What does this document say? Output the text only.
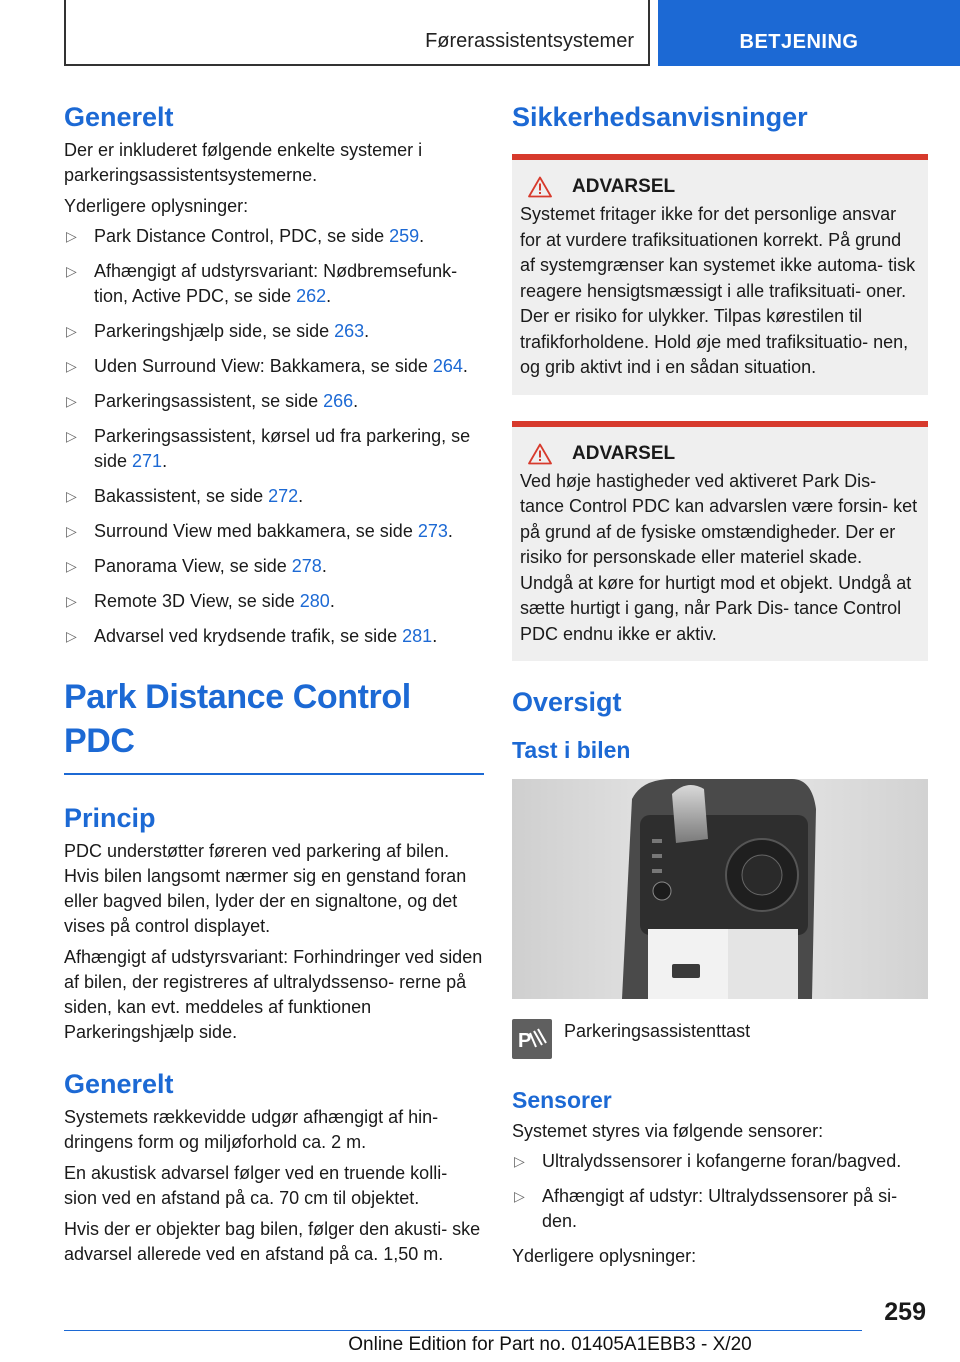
Førerassistentsystemer	BETJENING
Generelt

Der er inkluderet følgende enkelte systemer i parkeringsassistentsystemerne.

Yderligere oplysninger:

▷ Park Distance Control, PDC, se side 259.
▷ Afhængigt af udstyrsvariant: Nødbremsefunk- tion, Active PDC, se side 262.
▷ Parkeringshjælp side, se side 263.
▷ Uden Surround View: Bakkamera, se side 264.
▷ Parkeringsassistent, se side 266.
▷ Parkeringsassistent, kørsel ud fra parkering, se side 271.
▷ Bakassistent, se side 272.
▷ Surround View med bakkamera, se side 273.
▷ Panorama View, se side 278.
▷ Remote 3D View, se side 280.
▷ Advarsel ved krydsende trafik, se side 281.
Park Distance Control PDC
Princip

PDC understøtter føreren ved parkering af bilen. Hvis bilen langsomt nærmer sig en genstand foran eller bagved bilen, lyder der en signaltone, og det vises på control displayet.

Afhængigt af udstyrsvariant: Forhindringer ved siden af bilen, der registreres af ultralydssenso- rerne på siden, kan evt. meddeles af funktionen Parkeringshjælp side.

Generelt

Systemets rækkevidde udgør afhængigt af hin- dringens form og miljøforhold ca. 2 m.

En akustisk advarsel følger ved en truende kolli- sion ved en afstand på ca. 70 cm til objektet.

Hvis der er objekter bag bilen, følger den akusti- ske advarsel allerede ved en afstand på ca. 1,50 m.

Sikkerhedsanvisninger
ADVARSEL

Systemet fritager ikke for det personlige ansvar for at vurdere trafiksituationen korrekt. På grund af systemgrænser kan systemet ikke automa- tisk reagere hensigtsmæssigt i alle trafiksituati- oner. Der er risiko for ulykker. Tilpas kørestilen til trafikforholdene. Hold øje med trafiksituatio- nen, og grib aktivt ind i en sådan situation.

ADVARSEL

Ved høje hastigheder ved aktiveret Park Dis- tance Control PDC kan advarslen være forsin- ket på grund af de fysiske omstændigheder. Der er risiko for personskade eller materiel skade. Undgå at køre for hurtigt mod et objekt. Undgå at sætte hurtigt i gang, når Park Dis- tance Control PDC endnu ikke er aktiv.

Oversigt
Tast i bilen
P Parkeringsassistenttast
Sensorer

Systemet styres via følgende sensorer:

▷ Ultralydssensorer i kofangerne foran/bagved.
▷ Afhængigt af udstyr: Ultralydssensorer på si- den.

Yderligere oplysninger:

259
Online Edition for Part no. 01405A1EBB3 - X/20
